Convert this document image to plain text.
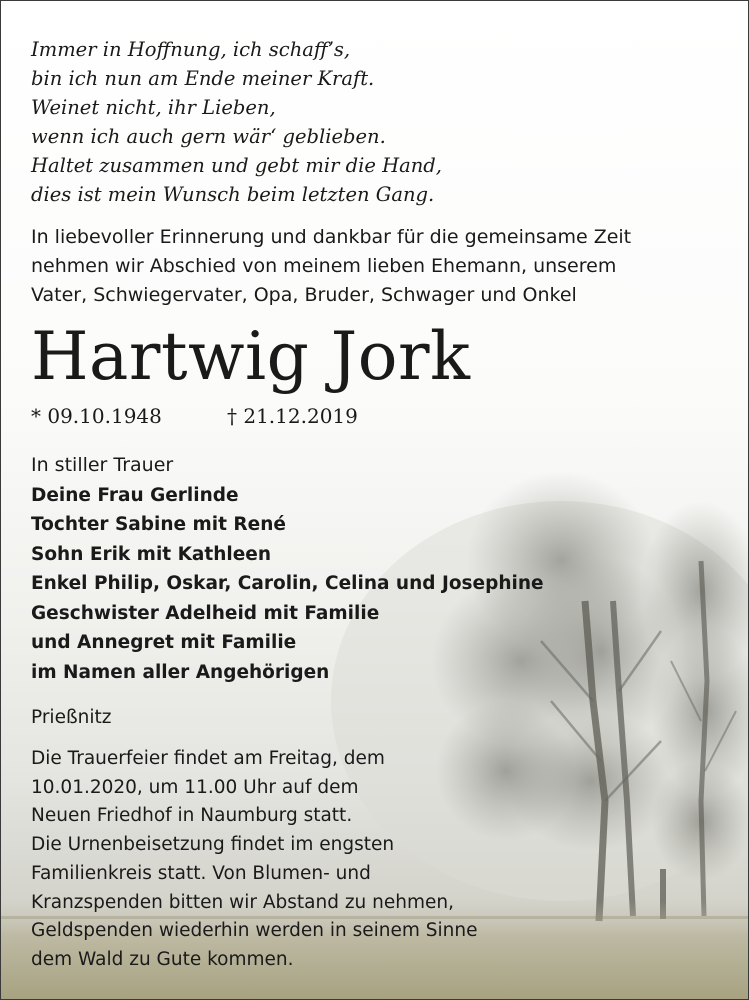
Immer in Hoffnung, ich schaff’s,
bin ich nun am Ende meiner Kraft.
Weinet nicht, ihr Lieben,
wenn ich auch gern wär‘ geblieben.
Haltet zusammen und gebt mir die Hand,
dies ist mein Wunsch beim letzten Gang.
In liebevoller Erinnerung und dankbar für die gemeinsame Zeit
nehmen wir Abschied von meinem lieben Ehemann, unserem
Vater, Schwiegervater, Opa, Bruder, Schwager und Onkel
Hartwig Jork
* 09.10.1948	† 21.12.2019
In stiller Trauer
Deine Frau Gerlinde
Tochter Sabine mit René
Sohn Erik mit Kathleen
Enkel Philip, Oskar, Carolin, Celina und Josephine
Geschwister Adelheid mit Familie
und Annegret mit Familie
im Namen aller Angehörigen
Prießnitz
Die Trauerfeier findet am Freitag, dem
10.01.2020, um 11.00 Uhr auf dem
Neuen Friedhof in Naumburg statt.
Die Urnenbeisetzung findet im engsten
Familienkreis statt. Von Blumen- und
Kranzspenden bitten wir Abstand zu nehmen,
Geldspenden wiederhin werden in seinem Sinne
dem Wald zu Gute kommen.
